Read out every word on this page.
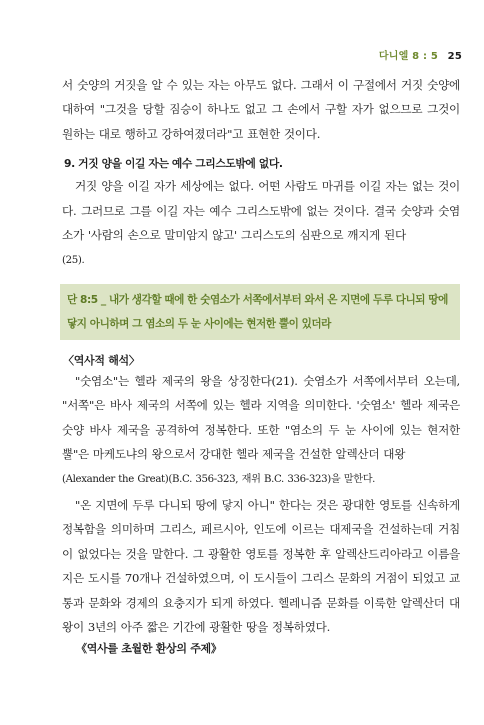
다니엘 8 : 5 25

서 숫양의 거짓을 알 수 있는 자는 아무도 없다. 그래서 이 구절에서 거짓 숫양에 대하여 "그것을 당할 짐승이 하나도 없고 그 손에서 구할 자가 없으므로 그것이 원하는 대로 행하고 강하여졌더라"고 표현한 것이다.

9. 거짓 양을 이길 자는 예수 그리스도밖에 없다.

거짓 양을 이길 자가 세상에는 없다. 어떤 사람도 마귀를 이길 자는 없는 것이다. 그러므로 그를 이길 자는 예수 그리스도밖에 없는 것이다. 결국 숫양과 숫염소가 '사람의 손으로 말미암지 않고' 그리스도의 심판으로 깨지게 된다
(25).

단 8:5 _ 내가 생각할 때에 한 숫염소가 서쪽에서부터 와서 온 지면에 두루 다니되 땅에 닿지 아니하며 그 염소의 두 눈 사이에는 현저한 뿔이 있더라
〈역사적 해석〉

"숫염소"는 헬라 제국의 왕을 상징한다(21). 숫염소가 서쪽에서부터 오는데, "서쪽"은 바사 제국의 서쪽에 있는 헬라 지역을 의미한다. '숫염소' 헬라 제국은 숫양 바사 제국을 공격하여 정복한다. 또한 "염소의 두 눈 사이에 있는 현저한 뿔"은 마케도냐의 왕으로서 강대한 헬라 제국을 건설한 알렉산더 대왕
(Alexander the Great)(B.C. 356-323, 재위 B.C. 336-323)을 말한다.

"온 지면에 두루 다니되 땅에 닿지 아니" 한다는 것은 광대한 영토를 신속하게 정복함을 의미하며 그리스, 페르시아, 인도에 이르는 대제국을 건설하는데 거침이 없었다는 것을 말한다. 그 광활한 영토를 정복한 후 알렉산드리아라고 이름을 지은 도시를 70개나 건설하였으며, 이 도시들이 그리스 문화의 거점이 되었고 교통과 문화와 경제의 요충지가 되게 하였다. 헬레니즘 문화를 이룩한 알렉산더 대왕이 3년의 아주 짧은 기간에 광활한 땅을 정복하였다.

《역사를 초월한 환상의 주제》
